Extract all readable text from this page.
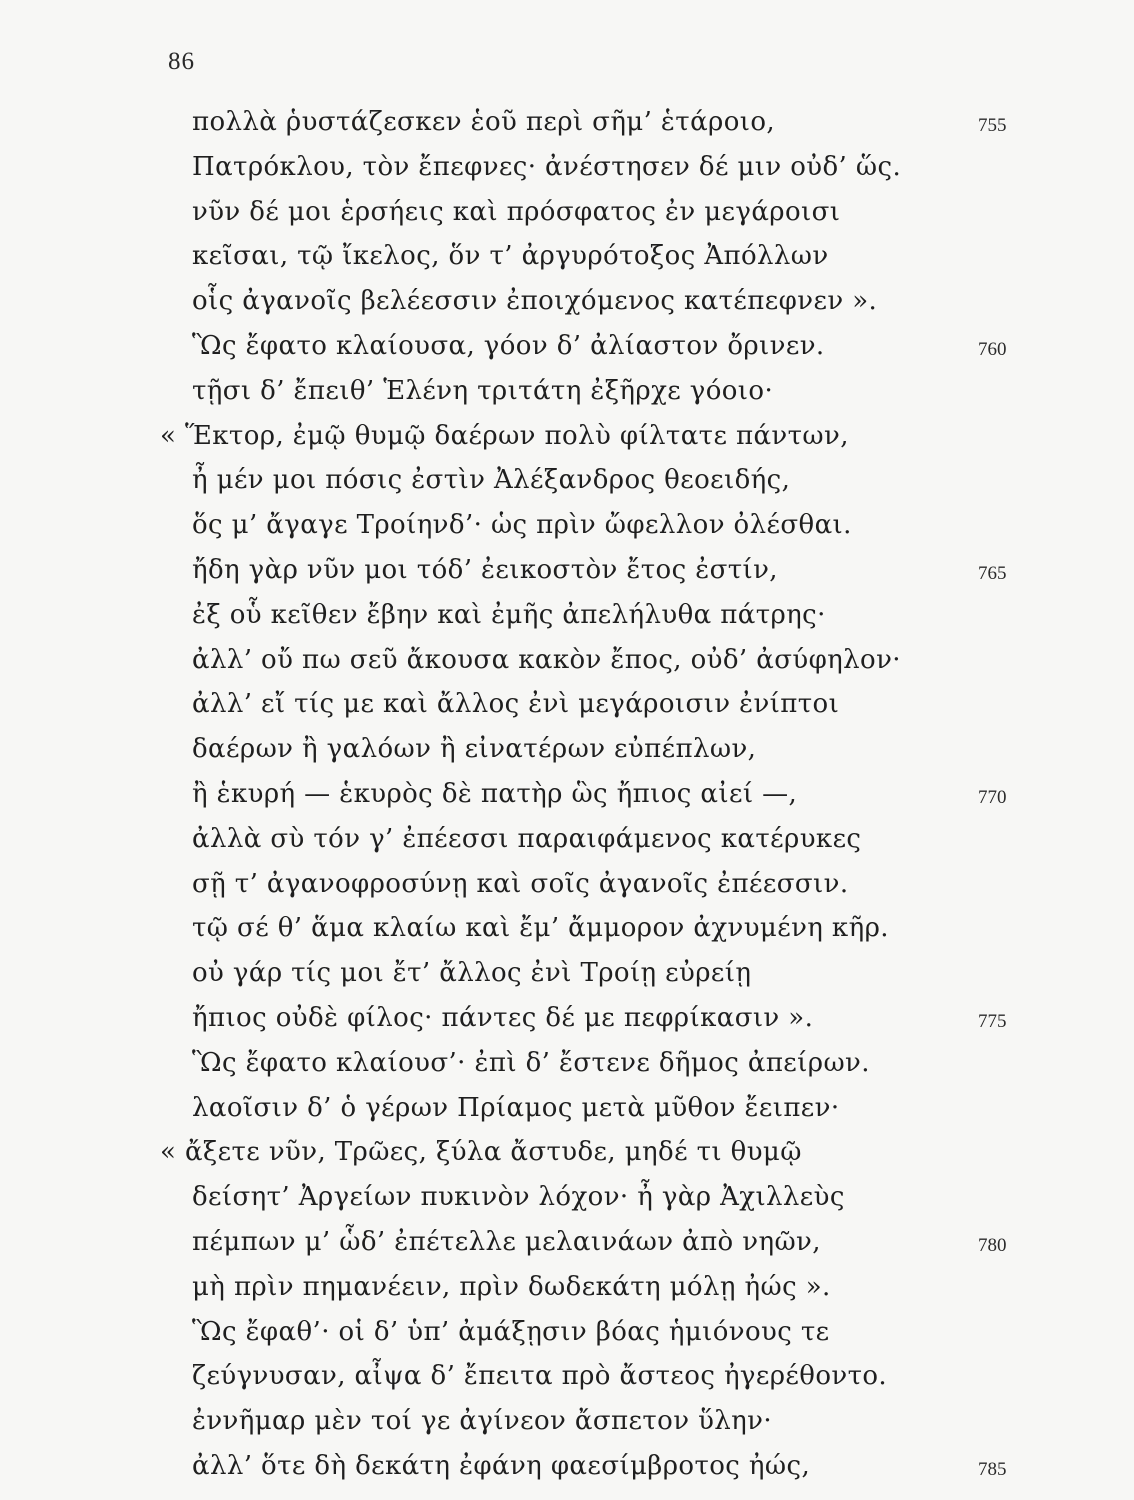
86
πολλὰ ῥυστάζεσκεν ἑοῦ περὶ σῆμ’ ἑτάροιο,	755
Πατρόκλου, τὸν ἔπεφνες· ἀνέστησεν δέ μιν οὐδ’ ὥς.
νῦν δέ μοι ἑρσήεις καὶ πρόσφατος ἐν μεγάροισι
κεῖσαι, τῷ ἴκελος, ὅν τ’ ἀργυρότοξος Ἀπόλλων
οἷς ἀγανοῖς βελέεσσιν ἐποιχόμενος κατέπεφνεν ».
Ὣς ἔφατο κλαίουσα, γόον δ’ ἀλίαστον ὄρινεν.	760
τῇσι δ’ ἔπειθ’ Ἑλένη τριτάτη ἐξῆρχε γόοιο·
« Ἕκτορ, ἐμῷ θυμῷ δαέρων πολὺ φίλτατε πάντων,
ἦ μέν μοι πόσις ἐστὶν Ἀλέξανδρος θεοειδής,
ὅς μ’ ἄγαγε Τροίηνδ’· ὡς πρὶν ὤφελλον ὀλέσθαι.
ἤδη γὰρ νῦν μοι τόδ’ ἐεικοστὸν ἔτος ἐστίν,	765
ἐξ οὗ κεῖθεν ἔβην καὶ ἐμῆς ἀπελήλυθα πάτρης·
ἀλλ’ οὔ πω σεῦ ἄκουσα κακὸν ἔπος, οὐδ’ ἀσύφηλον·
ἀλλ’ εἴ τίς με καὶ ἄλλος ἐνὶ μεγάροισιν ἐνίπτοι
δαέρων ἢ γαλόων ἢ εἰνατέρων εὐπέπλων,
ἢ ἑκυρή — ἑκυρὸς δὲ πατὴρ ὣς ἤπιος αἰεί —,	770
ἀλλὰ σὺ τόν γ’ ἐπέεσσι παραιφάμενος κατέρυκες
σῇ τ’ ἀγανοφροσύνῃ καὶ σοῖς ἀγανοῖς ἐπέεσσιν.
τῷ σέ θ’ ἅμα κλαίω καὶ ἔμ’ ἄμμορον ἀχνυμένη κῆρ.
οὐ γάρ τίς μοι ἔτ’ ἄλλος ἐνὶ Τροίῃ εὐρείῃ
ἤπιος οὐδὲ φίλος· πάντες δέ με πεφρίκασιν ».	775
Ὣς ἔφατο κλαίουσ’· ἐπὶ δ’ ἔστενε δῆμος ἀπείρων.
λαοῖσιν δ’ ὁ γέρων Πρίαμος μετὰ μῦθον ἔειπεν·
« ἄξετε νῦν, Τρῶες, ξύλα ἄστυδε, μηδέ τι θυμῷ
δείσητ’ Ἀργείων πυκινὸν λόχον· ἦ γὰρ Ἀχιλλεὺς
πέμπων μ’ ὧδ’ ἐπέτελλε μελαινάων ἀπὸ νηῶν,	780
μὴ πρὶν πημανέειν, πρὶν δωδεκάτη μόλῃ ἠώς ».
Ὣς ἔφαθ’· οἱ δ’ ὑπ’ ἀμάξῃσιν βόας ἡμιόνους τε
ζεύγνυσαν, αἶψα δ’ ἔπειτα πρὸ ἄστεος ἠγερέθοντο.
ἐννῆμαρ μὲν τοί γε ἀγίνεον ἄσπετον ὕλην·
ἀλλ’ ὅτε δὴ δεκάτη ἐφάνη φαεσίμβροτος ἠώς,	785
